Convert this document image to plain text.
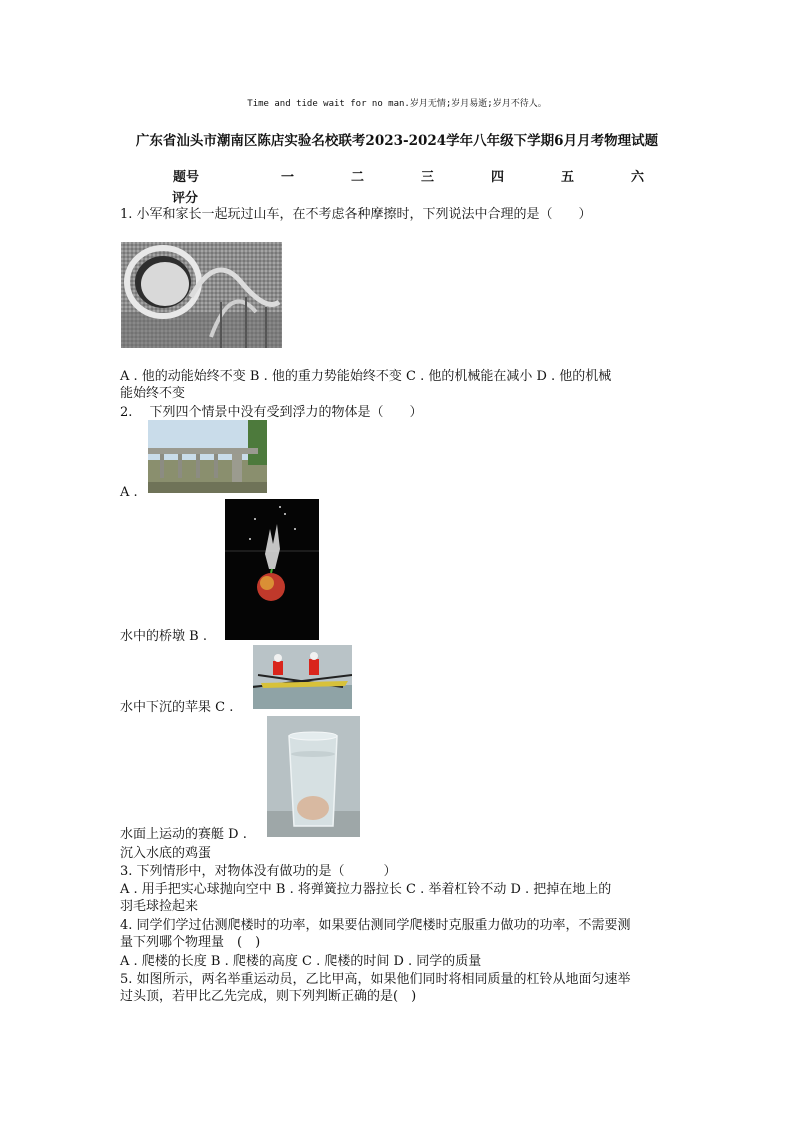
Time and tide wait for no man.岁月无情;岁月易逝;岁月不待人。
广东省汕头市潮南区陈店实验名校联考2023-2024学年八年级下学期6月月考物理试题
题号	一	二	三	四	五	六
评分
1. 小军和家长一起玩过山车，在不考虑各种摩擦时，下列说法中合理的是（　　）
A . 他的动能始终不变 B . 他的重力势能始终不变 C . 他的机械能在减小 D . 他的机械
能始终不变
2.　 下列四个情景中没有受到浮力的物体是（　　）
A .
水中的桥墩 B .
水中下沉的苹果 C .
水面上运动的赛艇 D .
沉入水底的鸡蛋
3. 下列情形中，对物体没有做功的是（　　　）
A . 用手把实心球抛向空中 B . 将弹簧拉力器拉长 C . 举着杠铃不动 D . 把掉在地上的
羽毛球捡起来
4. 同学们学过估测爬楼时的功率，如果要估测同学爬楼时克服重力做功的功率，不需要测
量下列哪个物理量　(　)
A . 爬楼的长度 B . 爬楼的高度 C . 爬楼的时间 D . 同学的质量
5. 如图所示，两名举重运动员，乙比甲高，如果他们同时将相同质量的杠铃从地面匀速举
过头顶，若甲比乙先完成，则下列判断正确的是(　)
